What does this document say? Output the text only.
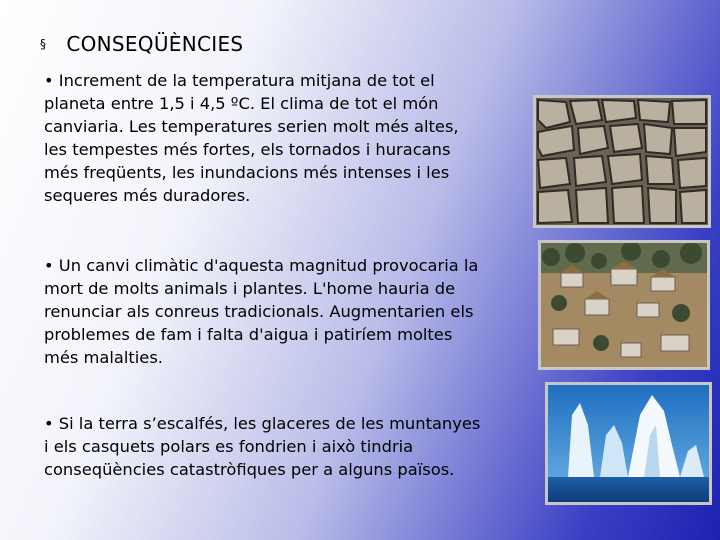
§ CONSEQÜÈNCIES
• Increment de la temperatura mitjana de tot el planeta entre 1,5 i 4,5 ºC. El clima de tot el món canviaria. Les temperatures serien molt més altes, les tempestes més fortes, els tornados i huracans més freqüents, les inundacions més intenses i les sequeres més duradores.
• Un canvi climàtic d'aquesta magnitud provocaria la mort de molts animals i plantes. L'home hauria de renunciar als conreus tradicionals. Augmentarien els problemes de fam i falta d'aigua i patiríem moltes més malalties.
• Si la terra s’escalfés, les glaceres de les muntanyes i els casquets polars es fondrien i això tindria conseqüències catastròfiques per a alguns països.
